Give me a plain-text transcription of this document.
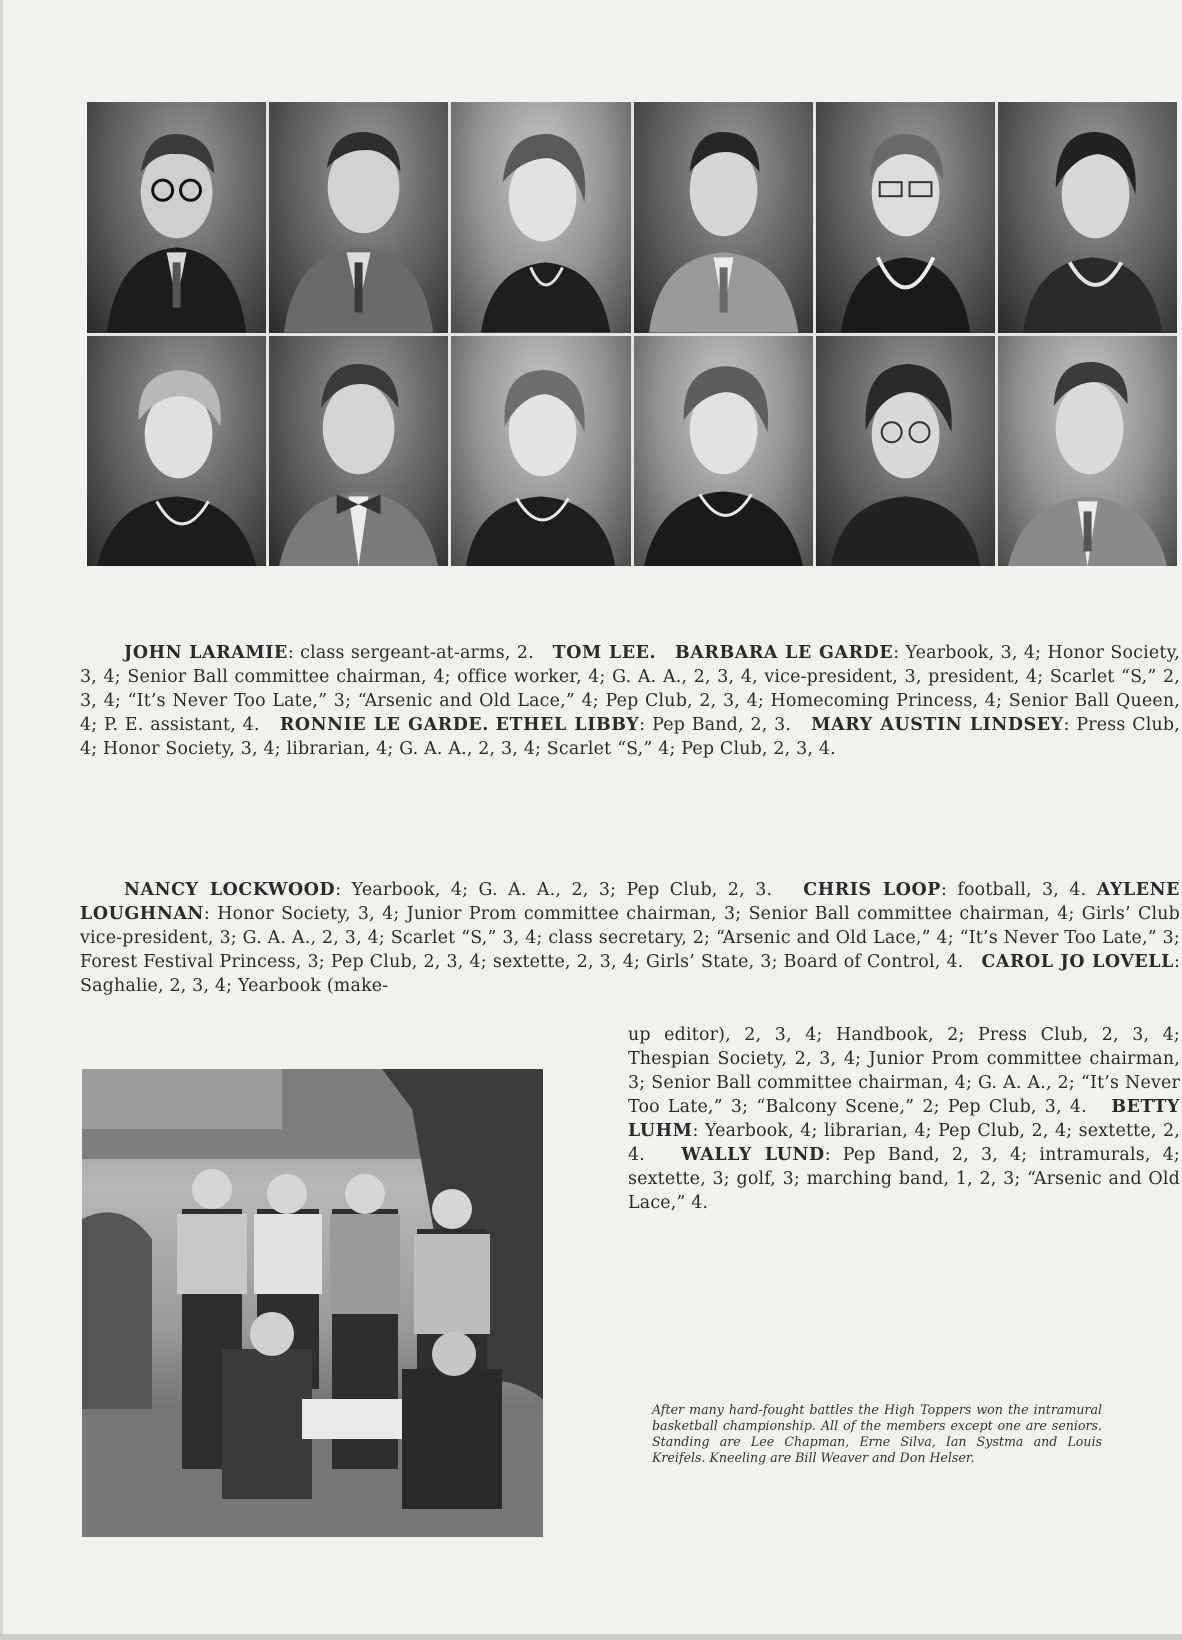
JOHN LARAMIE: class sergeant-at-arms, 2. TOM LEE. BARBARA LE GARDE: Yearbook, 3, 4; Honor Society, 3, 4; Senior Ball committee chairman, 4; office worker, 4; G. A. A., 2, 3, 4, vice-president, 3, president, 4; Scarlet “S,” 2, 3, 4; “It’s Never Too Late,” 3; “Arsenic and Old Lace,” 4; Pep Club, 2, 3, 4; Homecoming Princess, 4; Senior Ball Queen, 4; P. E. assistant, 4. RONNIE LE GARDE. ETHEL LIBBY: Pep Band, 2, 3. MARY AUSTIN LINDSEY: Press Club, 4; Honor Society, 3, 4; librarian, 4; G. A. A., 2, 3, 4; Scarlet “S,” 4; Pep Club, 2, 3, 4.
NANCY LOCKWOOD: Yearbook, 4; G. A. A., 2, 3; Pep Club, 2, 3. CHRIS LOOP: football, 3, 4. AYLENE LOUGHNAN: Honor Society, 3, 4; Junior Prom committee chairman, 3; Senior Ball committee chairman, 4; Girls’ Club vice-president, 3; G. A. A., 2, 3, 4; Scarlet “S,” 3, 4; class secretary, 2; “Arsenic and Old Lace,” 4; “It’s Never Too Late,” 3; Forest Festival Princess, 3; Pep Club, 2, 3, 4; sextette, 2, 3, 4; Girls’ State, 3; Board of Control, 4. CAROL JO LOVELL: Saghalie, 2, 3, 4; Yearbook (make-
up editor), 2, 3, 4; Handbook, 2; Press Club, 2, 3, 4; Thespian Society, 2, 3, 4; Junior Prom committee chairman, 3; Senior Ball committee chairman, 4; G. A. A., 2; “It’s Never Too Late,” 3; “Balcony Scene,” 2; Pep Club, 3, 4. BETTY LUHM: Yearbook, 4; librarian, 4; Pep Club, 2, 4; sextette, 2, 4. WALLY LUND: Pep Band, 2, 3, 4; intramurals, 4; sextette, 3; golf, 3; marching band, 1, 2, 3; “Arsenic and Old Lace,” 4.
After many hard-fought battles the High Toppers won the intramural basketball championship. All of the members except one are seniors. Standing are Lee Chapman, Erne Silva, Ian Systma and Louis Kreifels. Kneeling are Bill Weaver and Don Helser.
